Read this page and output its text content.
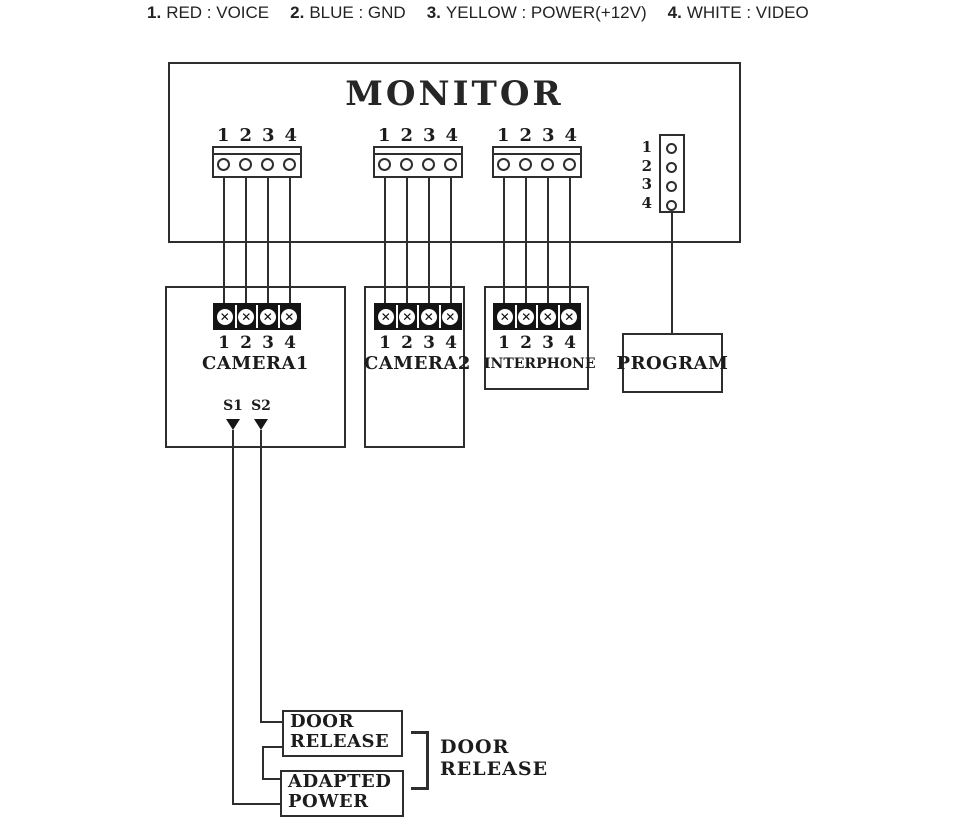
1. RED : VOICE 2. BLUE : GND 3. YELLOW : POWER(+12V) 4. WHITE : VIDEO
MONITOR
1 2 3 4	1 2 3 4 1 2 3 4
1
2
3
4
PROGRAM
✕ ✕ ✕ ✕	✕ ✕ ✕ ✕	✕ ✕ ✕ ✕
1 2 3 4	1 2 3 4 1 2 3 4
CAMERA1	CAMERA2 INTERPHONE
S1 S2
DOOR
RELEASE
ADAPTED
POWER
DOOR
RELEASE
